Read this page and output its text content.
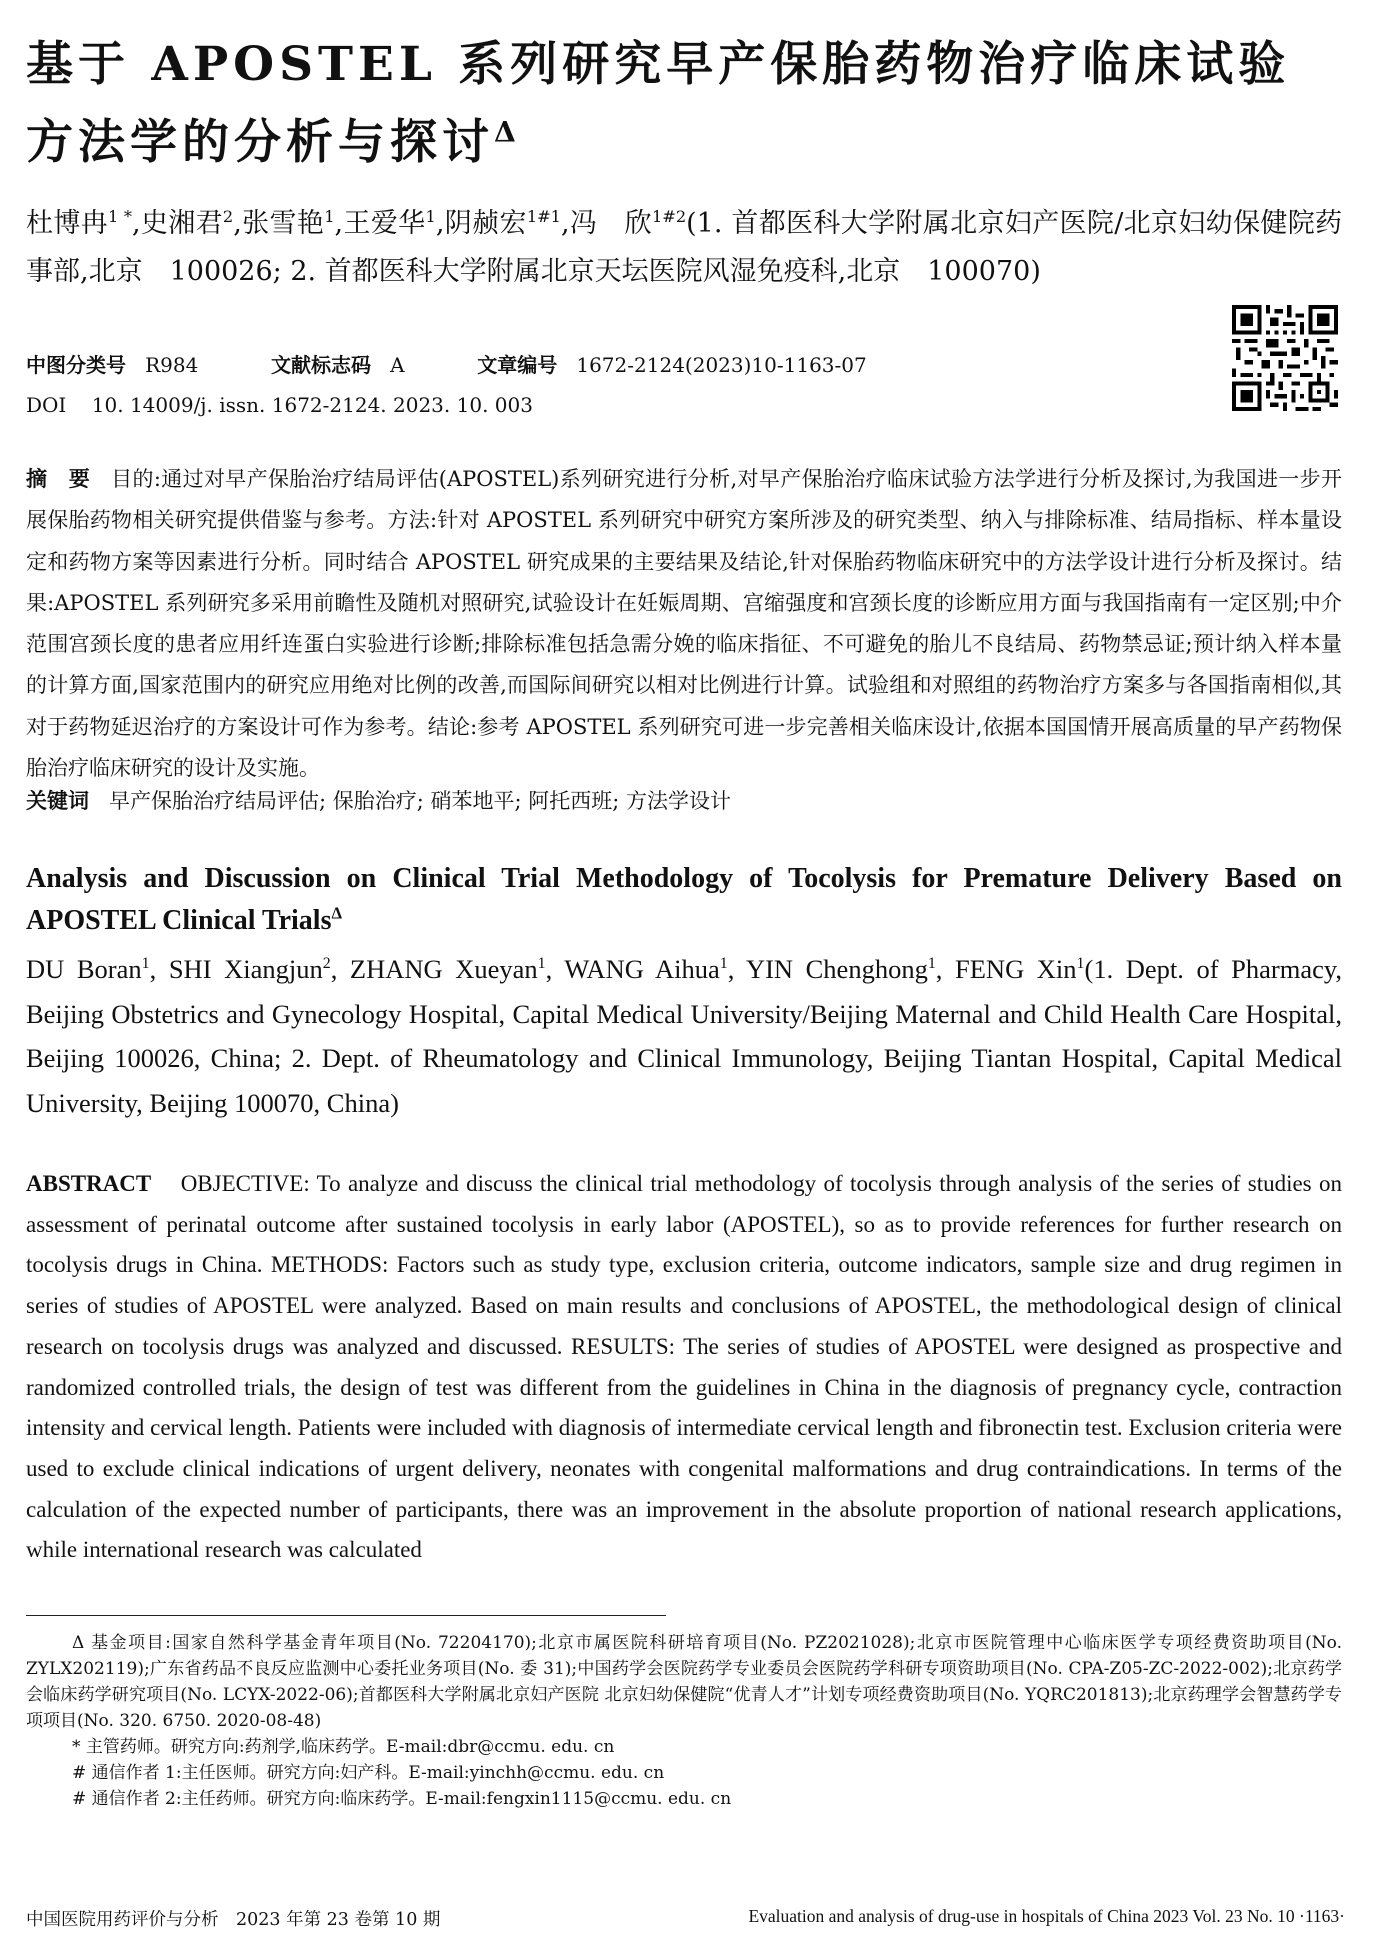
基于 APOSTEL 系列研究早产保胎药物治疗临床试验方法学的分析与探讨$^\Delta$
杜博冉$^{1 *}$,史湘君$^2$,张雪艳$^1$,王爱华$^1$,阴赪宏$^{1\#1}$,冯　欣$^{1\#2}$(1. 首都医科大学附属北京妇产医院/北京妇幼保健院药事部,北京　100026; 2. 首都医科大学附属北京天坛医院风湿免疫科,北京　100070)
中图分类号 R984	文献标志码 A	文章编号 1672-2124(2023)10-1163-07
DOI 10. 14009/j. issn. 1672-2124. 2023. 10. 003
摘　要 目的:通过对早产保胎治疗结局评估(APOSTEL)系列研究进行分析,对早产保胎治疗临床试验方法学进行分析及探讨,为我国进一步开展保胎药物相关研究提供借鉴与参考。方法:针对 APOSTEL 系列研究中研究方案所涉及的研究类型、纳入与排除标准、结局指标、样本量设定和药物方案等因素进行分析。同时结合 APOSTEL 研究成果的主要结果及结论,针对保胎药物临床研究中的方法学设计进行分析及探讨。结果:APOSTEL 系列研究多采用前瞻性及随机对照研究,试验设计在妊娠周期、宫缩强度和宫颈长度的诊断应用方面与我国指南有一定区别;中介范围宫颈长度的患者应用纤连蛋白实验进行诊断;排除标准包括急需分娩的临床指征、不可避免的胎儿不良结局、药物禁忌证;预计纳入样本量的计算方面,国家范围内的研究应用绝对比例的改善,而国际间研究以相对比例进行计算。试验组和对照组的药物治疗方案多与各国指南相似,其对于药物延迟治疗的方案设计可作为参考。结论:参考 APOSTEL 系列研究可进一步完善相关临床设计,依据本国国情开展高质量的早产药物保胎治疗临床研究的设计及实施。
关键词 早产保胎治疗结局评估; 保胎治疗; 硝苯地平; 阿托西班; 方法学设计
Analysis and Discussion on Clinical Trial Methodology of Tocolysis for Premature Delivery Based on APOSTEL Clinical Trials$^\Delta$
DU Boran$^1$, SHI Xiangjun$^2$, ZHANG Xueyan$^1$, WANG Aihua$^1$, YIN Chenghong$^1$, FENG Xin$^1$(1. Dept. of Pharmacy, Beijing Obstetrics and Gynecology Hospital, Capital Medical University/Beijing Maternal and Child Health Care Hospital, Beijing 100026, China; 2. Dept. of Rheumatology and Clinical Immunology, Beijing Tiantan Hospital, Capital Medical University, Beijing 100070, China)
ABSTRACT OBJECTIVE: To analyze and discuss the clinical trial methodology of tocolysis through analysis of the series of studies on assessment of perinatal outcome after sustained tocolysis in early labor (APOSTEL), so as to provide references for further research on tocolysis drugs in China. METHODS: Factors such as study type, exclusion criteria, outcome indicators, sample size and drug regimen in series of studies of APOSTEL were analyzed. Based on main results and conclusions of APOSTEL, the methodological design of clinical research on tocolysis drugs was analyzed and discussed. RESULTS: The series of studies of APOSTEL were designed as prospective and randomized controlled trials, the design of test was different from the guidelines in China in the diagnosis of pregnancy cycle, contraction intensity and cervical length. Patients were included with diagnosis of intermediate cervical length and fibronectin test. Exclusion criteria were used to exclude clinical indications of urgent delivery, neonates with congenital malformations and drug contraindications. In terms of the calculation of the expected number of participants, there was an improvement in the absolute proportion of national research applications, while international research was calculated
Δ 基金项目:国家自然科学基金青年项目(No. 72204170);北京市属医院科研培育项目(No. PZ2021028);北京市医院管理中心临床医学专项经费资助项目(No. ZYLX202119);广东省药品不良反应监测中心委托业务项目(No. 委 31);中国药学会医院药学专业委员会医院药学科研专项资助项目(No. CPA-Z05-ZC-2022-002);北京药学会临床药学研究项目(No. LCYX-2022-06);首都医科大学附属北京妇产医院 北京妇幼保健院“优青人才”计划专项经费资助项目(No. YQRC201813);北京药理学会智慧药学专项项目(No. 320. 6750. 2020-08-48)
* 主管药师。研究方向:药剂学,临床药学。E-mail:dbr@ccmu. edu. cn
# 通信作者 1:主任医师。研究方向:妇产科。E-mail:yinchh@ccmu. edu. cn
# 通信作者 2:主任药师。研究方向:临床药学。E-mail:fengxin1115@ccmu. edu. cn
中国医院用药评价与分析　2023 年第 23 卷第 10 期	Evaluation and analysis of drug-use in hospitals of China 2023 Vol. 23 No. 10 ·1163·
